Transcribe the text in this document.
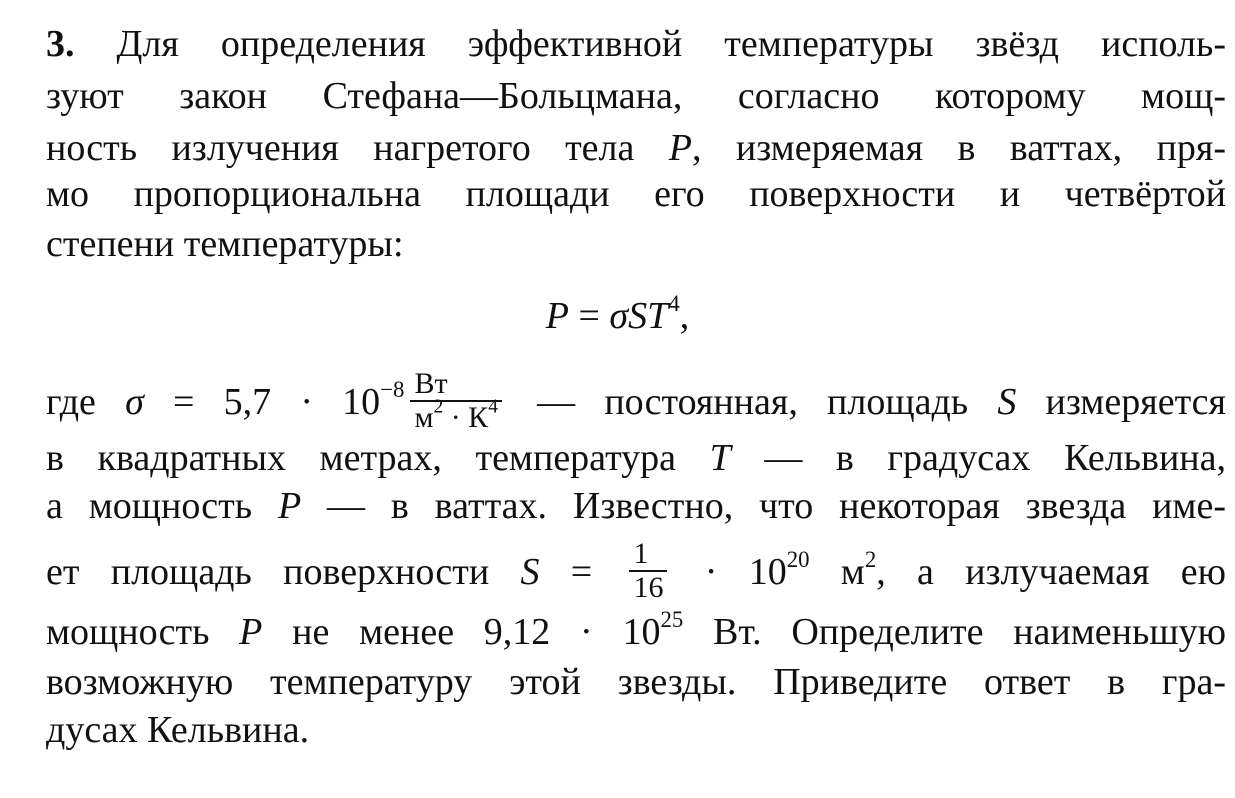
3. Для определения эффективной температуры звёзд исполь-
зуют закон Стефана—Больцмана, согласно которому мощ-
ность излучения нагретого тела P, измеряемая в ваттах, пря-
мо пропорциональна площади его поверхности и четвёртой
степени температуры:
P = σST$^4$,
где $\sigma = 5,7 \cdot 10^{-8} \frac{Вт}{м^2 \cdot К^4}$ — постоянная, площадь S измеряется
в квадратных метрах, температура T — в градусах Кельвина,
а мощность P — в ваттах. Известно, что некоторая звезда име-
ет площадь поверхности $S = \frac{1}{16} \cdot 10^{20}$ $м^2$, а излучаемая ею
мощность P не менее $9,12 \cdot 10^{25}$ Вт. Определите наименьшую
возможную температуру этой звезды. Приведите ответ в гра-
дусах Кельвина.
